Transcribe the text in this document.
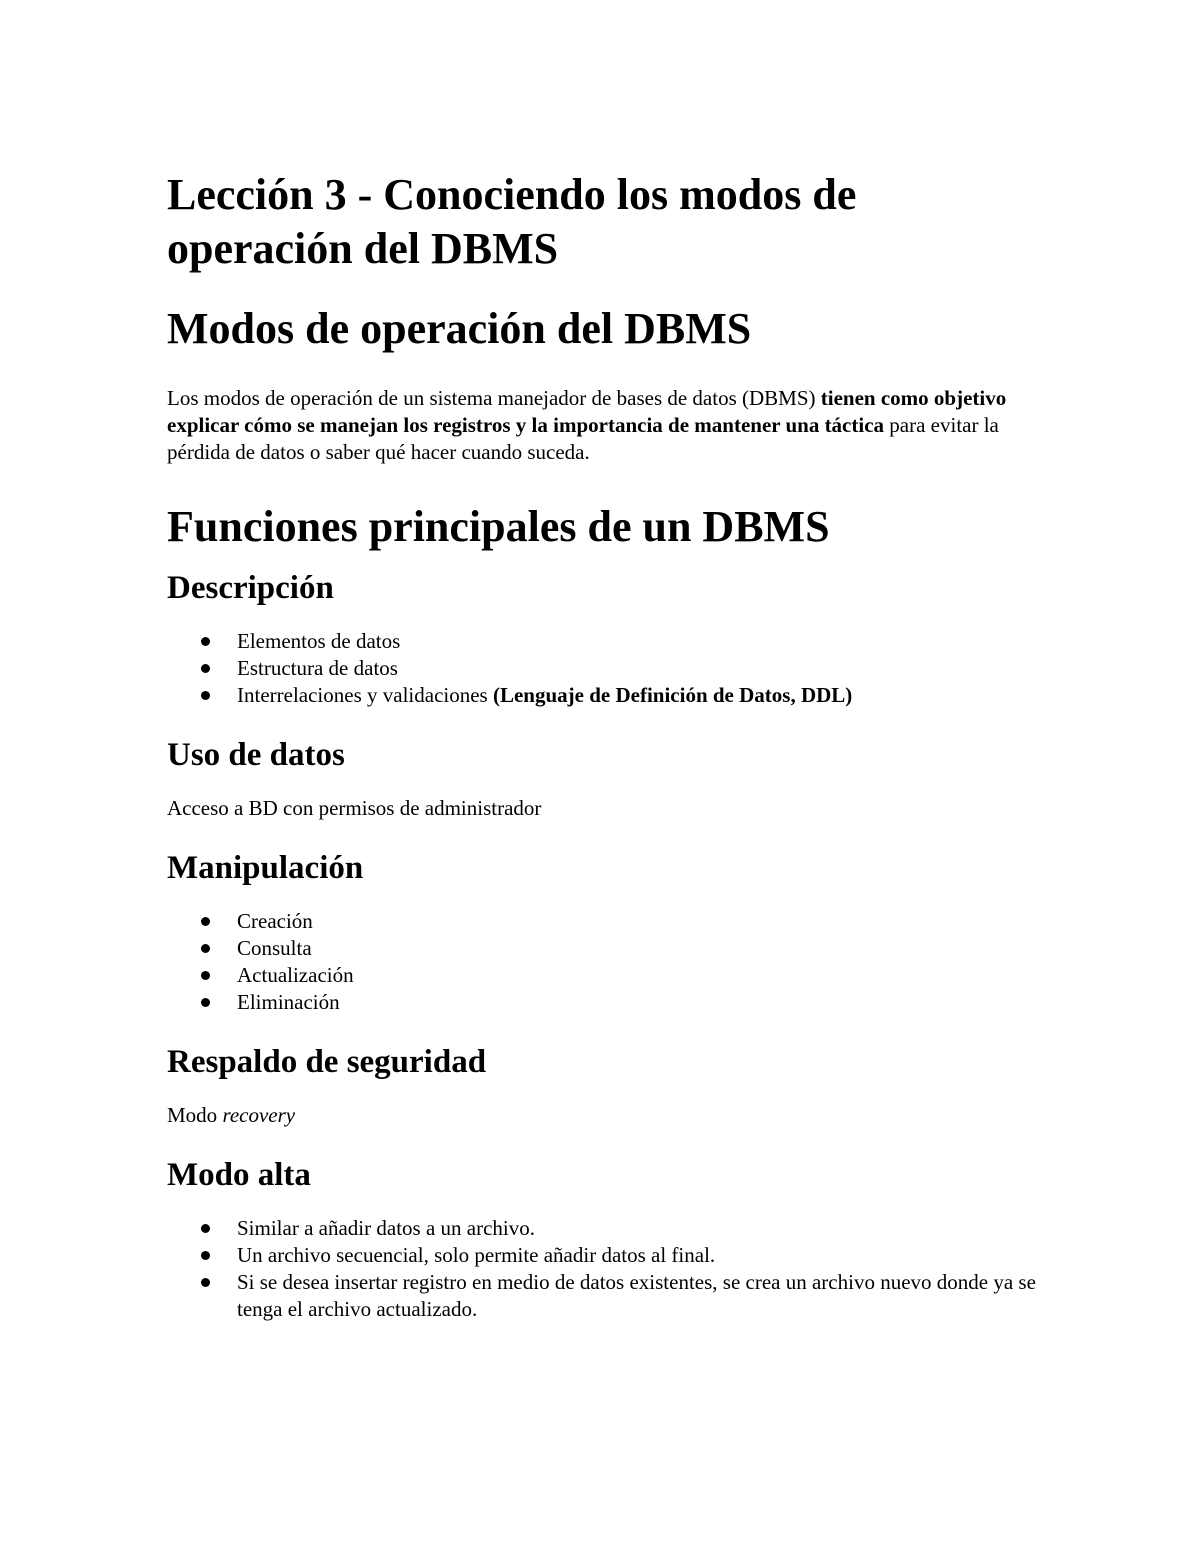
Lección 3 - Conociendo los modos de operación del DBMS
Modos de operación del DBMS

Los modos de operación de un sistema manejador de bases de datos (DBMS) tienen como objetivo explicar cómo se manejan los registros y la importancia de mantener una táctica para evitar la pérdida de datos o saber qué hacer cuando suceda.

Funciones principales de un DBMS
Descripción
Elementos de datos
Estructura de datos
Interrelaciones y validaciones (Lenguaje de Definición de Datos, DDL)
Uso de datos

Acceso a BD con permisos de administrador

Manipulación
Creación
Consulta
Actualización
Eliminación
Respaldo de seguridad

Modo recovery

Modo alta
Similar a añadir datos a un archivo.
Un archivo secuencial, solo permite añadir datos al final.
Si se desea insertar registro en medio de datos existentes, se crea un archivo nuevo donde ya se tenga el archivo actualizado.
